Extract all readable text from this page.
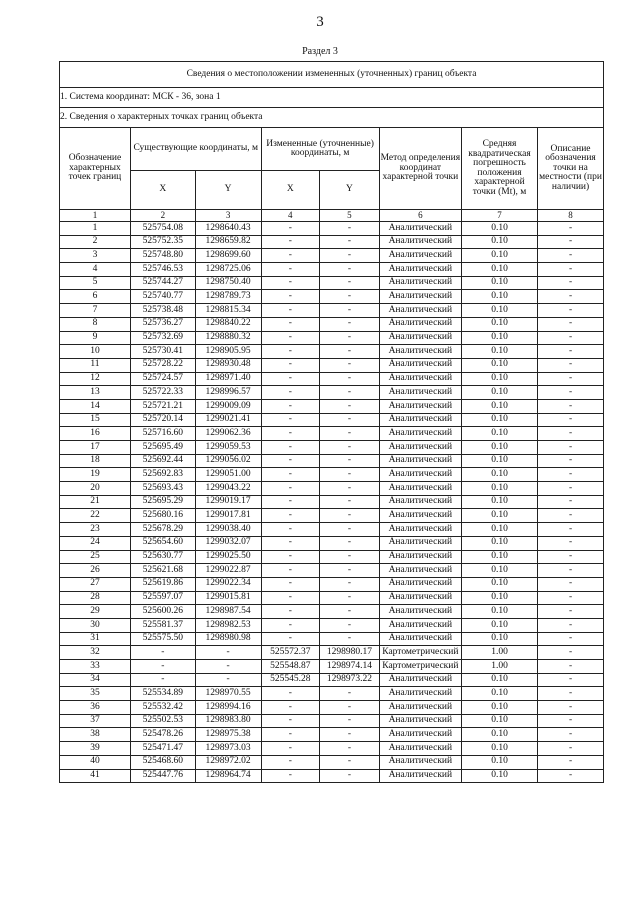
3
Раздел 3
Сведения о местоположении измененных (уточненных) границ объекта							
1. Система координат: МСК - 36, зона 1							
2. Сведения о характерных точках границ объекта							
Обозначение характерных точек границ	Существующие координаты, м		Измененные (уточненные) координаты, м		Метод определения координат характерной точки	Средняя квадратическая погрешность положения характерной точки (Mt), м	Описание обозначения точки на местности (при наличии)
	X	Y	X	Y			
1	2	3	4	5	6	7	8
1	525754.08	1298640.43	-	-	Аналитический	0.10	-
2	525752.35	1298659.82	-	-	Аналитический	0.10	-
3	525748.80	1298699.60	-	-	Аналитический	0.10	-
4	525746.53	1298725.06	-	-	Аналитический	0.10	-
5	525744.27	1298750.40	-	-	Аналитический	0.10	-
6	525740.77	1298789.73	-	-	Аналитический	0.10	-
7	525738.48	1298815.34	-	-	Аналитический	0.10	-
8	525736.27	1298840.22	-	-	Аналитический	0.10	-
9	525732.69	1298880.32	-	-	Аналитический	0.10	-
10	525730.41	1298905.95	-	-	Аналитический	0.10	-
11	525728.22	1298930.48	-	-	Аналитический	0.10	-
12	525724.57	1298971.40	-	-	Аналитический	0.10	-
13	525722.33	1298996.57	-	-	Аналитический	0.10	-
14	525721.21	1299009.09	-	-	Аналитический	0.10	-
15	525720.14	1299021.41	-	-	Аналитический	0.10	-
16	525716.60	1299062.36	-	-	Аналитический	0.10	-
17	525695.49	1299059.53	-	-	Аналитический	0.10	-
18	525692.44	1299056.02	-	-	Аналитический	0.10	-
19	525692.83	1299051.00	-	-	Аналитический	0.10	-
20	525693.43	1299043.22	-	-	Аналитический	0.10	-
21	525695.29	1299019.17	-	-	Аналитический	0.10	-
22	525680.16	1299017.81	-	-	Аналитический	0.10	-
23	525678.29	1299038.40	-	-	Аналитический	0.10	-
24	525654.60	1299032.07	-	-	Аналитический	0.10	-
25	525630.77	1299025.50	-	-	Аналитический	0.10	-
26	525621.68	1299022.87	-	-	Аналитический	0.10	-
27	525619.86	1299022.34	-	-	Аналитический	0.10	-
28	525597.07	1299015.81	-	-	Аналитический	0.10	-
29	525600.26	1298987.54	-	-	Аналитический	0.10	-
30	525581.37	1298982.53	-	-	Аналитический	0.10	-
31	525575.50	1298980.98	-	-	Аналитический	0.10	-
32	-	-	525572.37	1298980.17	Картометрический	1.00	-
33	-	-	525548.87	1298974.14	Картометрический	1.00	-
34	-	-	525545.28	1298973.22	Аналитический	0.10	-
35	525534.89	1298970.55	-	-	Аналитический	0.10	-
36	525532.42	1298994.16	-	-	Аналитический	0.10	-
37	525502.53	1298983.80	-	-	Аналитический	0.10	-
38	525478.26	1298975.38	-	-	Аналитический	0.10	-
39	525471.47	1298973.03	-	-	Аналитический	0.10	-
40	525468.60	1298972.02	-	-	Аналитический	0.10	-
41	525447.76	1298964.74	-	-	Аналитический	0.10	-
